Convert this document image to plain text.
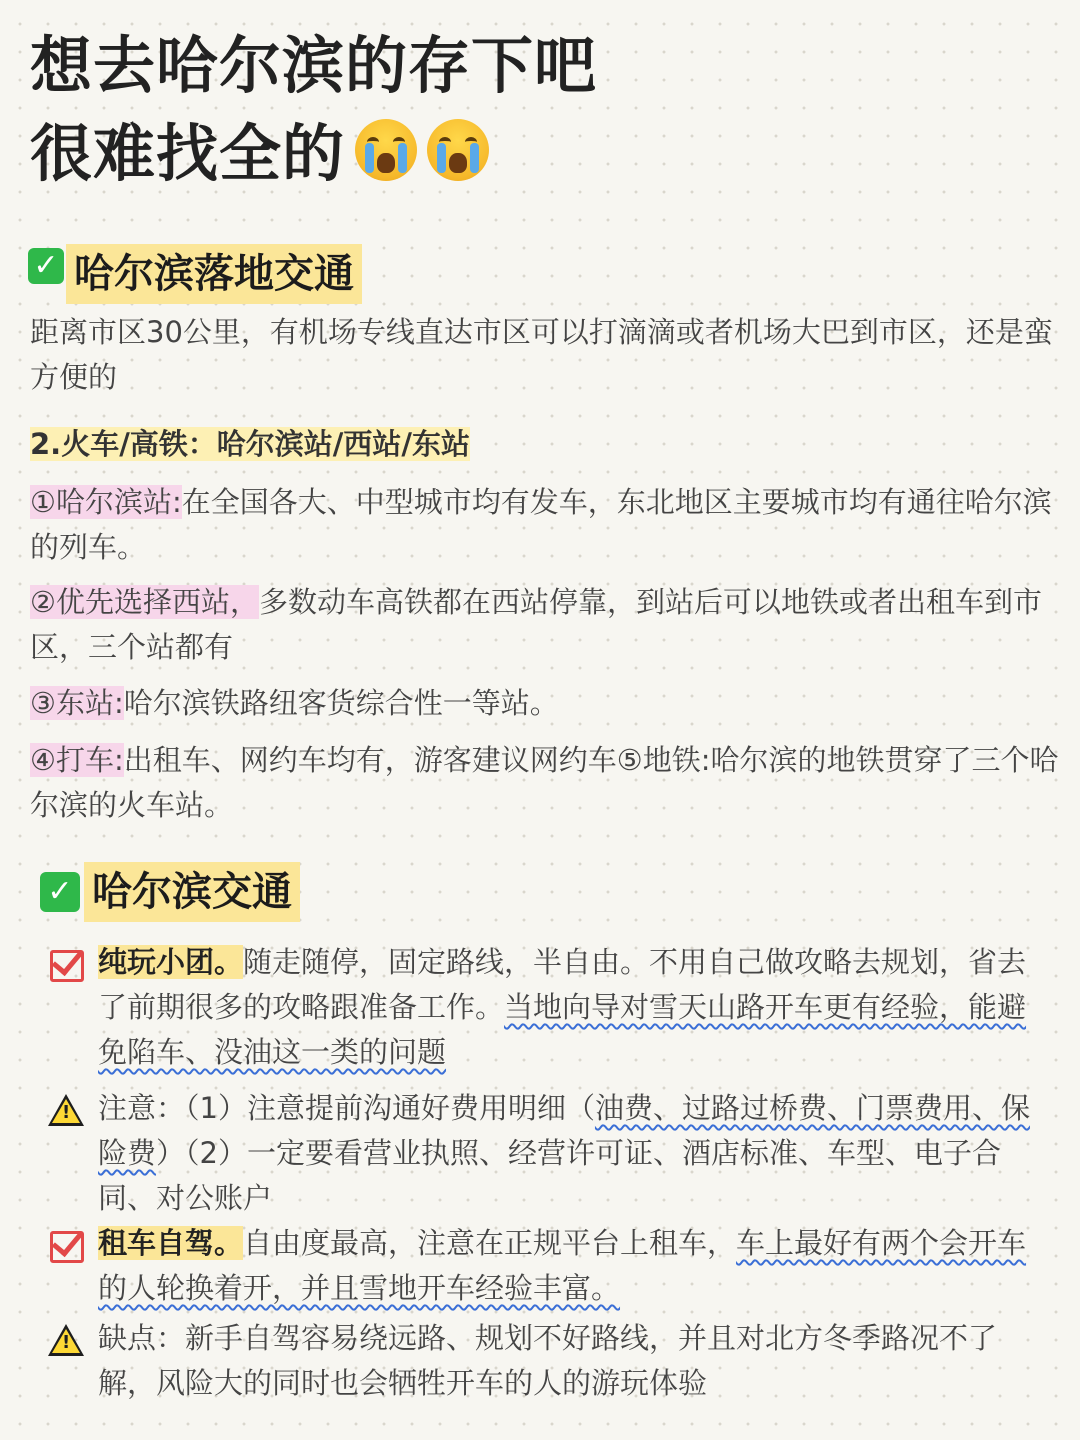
想去哈尔滨的存下吧
很难找全的
✓ 哈尔滨落地交通

距离市区30公里，有机场专线直达市区可以打滴滴或者机场大巴到市区，还是蛮方便的

2.火车/高铁：哈尔滨站/西站/东站

①哈尔滨站:在全国各大、中型城市均有发车，东北地区主要城市均有通往哈尔滨的列车。

②优先选择西站，多数动车高铁都在西站停靠，到站后可以地铁或者出租车到市区，三个站都有

③东站:哈尔滨铁路纽客货综合性一等站。

④打车:出租车、网约车均有，游客建议网约车⑤地铁:哈尔滨的地铁贯穿了三个哈尔滨的火车站。

✓ 哈尔滨交通
纯玩小团。随走随停，固定路线，半自由。不用自己做攻略去规划，省去了前期很多的攻略跟准备工作。当地向导对雪天山路开车更有经验，能避免陷车、没油这一类的问题
!
注意：（1）注意提前沟通好费用明细（油费、过路过桥费、门票费用、保险费）（2）一定要看营业执照、经营许可证、酒店标准、车型、电子合同、对公账户
租车自驾。自由度最高，注意在正规平台上租车，车上最好有两个会开车的人轮换着开，并且雪地开车经验丰富。
!
缺点：新手自驾容易绕远路、规划不好路线，并且对北方冬季路况不了解，风险大的同时也会牺牲开车的人的游玩体验
